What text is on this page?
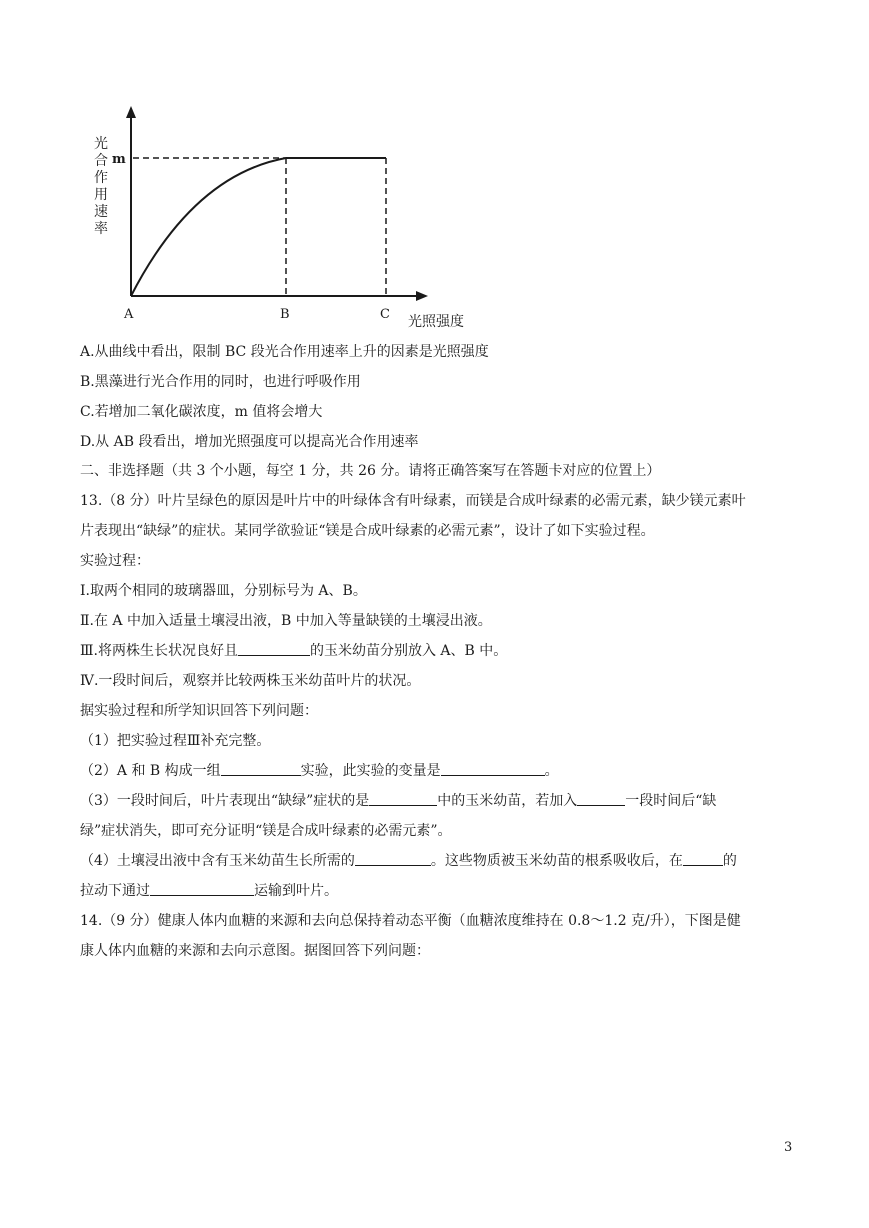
光合作用速率
m
A	B	C 光照强度
A.从曲线中看出，限制 BC 段光合作用速率上升的因素是光照强度
B.黑藻进行光合作用的同时，也进行呼吸作用
C.若增加二氧化碳浓度，m 值将会增大
D.从 AB 段看出，增加光照强度可以提高光合作用速率
二、非选择题（共 3 个小题，每空 1 分，共 26 分。请将正确答案写在答题卡对应的位置上）
13.（8 分）叶片呈绿色的原因是叶片中的叶绿体含有叶绿素，而镁是合成叶绿素的必需元素，缺少镁元素叶
片表现出“缺绿”的症状。某同学欲验证“镁是合成叶绿素的必需元素”，设计了如下实验过程。
实验过程：
Ⅰ.取两个相同的玻璃器皿，分别标号为 A、B。
Ⅱ.在 A 中加入适量土壤浸出液，B 中加入等量缺镁的土壤浸出液。
Ⅲ.将两株生长状况良好且	的玉米幼苗分别放入 A、B 中。
Ⅳ.一段时间后，观察并比较两株玉米幼苗叶片的状况。
据实验过程和所学知识回答下列问题：
（1）把实验过程Ⅲ补充完整。
（2）A 和 B 构成一组	实验，此实验的变量是	。
（3）一段时间后，叶片表现出“缺绿”症状的是	中的玉米幼苗，若加入	一段时间后“缺
绿”症状消失，即可充分证明“镁是合成叶绿素的必需元素”。
（4）土壤浸出液中含有玉米幼苗生长所需的	。这些物质被玉米幼苗的根系吸收后，在	的
拉动下通过	运输到叶片。
14.（9 分）健康人体内血糖的来源和去向总保持着动态平衡（血糖浓度维持在 0.8～1.2 克/升），下图是健
康人体内血糖的来源和去向示意图。据图回答下列问题：
3
